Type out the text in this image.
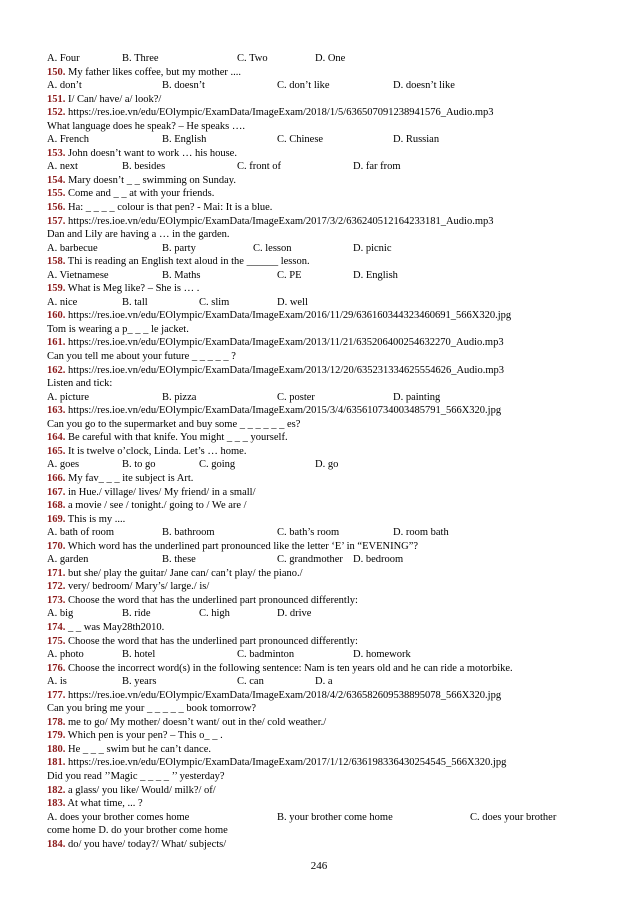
A. Four	B. Three	C. Two	D. One
150. My father likes coffee, but my mother ....
A. don’t	B. doesn’t	C. don’t like	D. doesn’t like
151. I/ Can/ have/ a/ look?/
152. https://res.ioe.vn/edu/EOlympic/ExamData/ImageExam/2018/1/5/636507091238941576_Audio.mp3
What language does he speak? – He speaks ….
A. French	B. English	C. Chinese	D. Russian
153. John doesn’t want to work … his house.
A. next	B. besides	C. front of	D. far from
154. Mary doesn’t _ _ swimming on Sunday.
155. Come and _ _ at with your friends.
156. Ha: _ _ _ _ colour is that pen? - Mai: It is a blue.
157. https://res.ioe.vn/edu/EOlympic/ExamData/ImageExam/2017/3/2/636240512164233181_Audio.mp3
Dan and Lily are having a … in the garden.
A. barbecue	B. party	C. lesson	D. picnic
158. Thi is reading an English text aloud in the ______ lesson.
A. Vietnamese	B. Maths	C. PE	D. English
159. What is Meg like? – She is … .
A. nice	B. tall	C. slim	D. well
160. https://res.ioe.vn/edu/EOlympic/ExamData/ImageExam/2016/11/29/636160344323460691_566X320.jpg
Tom is wearing a p_ _ _ le jacket.
161. https://res.ioe.vn/edu/EOlympic/ExamData/ImageExam/2013/11/21/635206400254632270_Audio.mp3
Can you tell me about your future _ _ _ _ _ ?
162. https://res.ioe.vn/edu/EOlympic/ExamData/ImageExam/2013/12/20/635231334625554626_Audio.mp3
Listen and tick:
A. picture	B. pizza	C. poster	D. painting
163. https://res.ioe.vn/edu/EOlympic/ExamData/ImageExam/2015/3/4/635610734003485791_566X320.jpg
Can you go to the supermarket and buy some _ _ _ _ _ _ es?
164. Be careful with that knife. You might _ _ _ yourself.
165. It is twelve o’clock, Linda. Let’s … home.
A. goes	B. to go	C. going	D. go
166. My fav_ _ _ ite subject is Art.
167. in Hue./ village/ lives/ My friend/ in a small/
168. a movie / see / tonight./ going to / We are /
169. This is my ....
A. bath of room	B. bathroom	C. bath’s room	D. room bath
170. Which word has the underlined part pronounced like the letter ‘E’ in “EVENING”?
A. garden	B. these	C. grandmother D. bedroom
171. but she/ play the guitar/ Jane can/ can’t play/ the piano./
172. very/ bedroom/ Mary’s/ large./ is/
173. Choose the word that has the underlined part pronounced differently:
A. big	B. ride	C. high	D. drive
174. _ _ was May28th2010.
175. Choose the word that has the underlined part pronounced differently:
A. photo	B. hotel	C. badminton	D. homework
176. Choose the incorrect word(s) in the following sentence: Nam is ten years old and he can ride a motorbike.
A. is	B. years	C. can	D. a
177. https://res.ioe.vn/edu/EOlympic/ExamData/ImageExam/2018/4/2/636582609538895078_566X320.jpg
Can you bring me your _ _ _ _ _ book tomorrow?
178. me to go/ My mother/ doesn’t want/ out in the/ cold weather./
179. Which pen is your pen? – This o_ _ .
180. He _ _ _ swim but he can’t dance.
181. https://res.ioe.vn/edu/EOlympic/ExamData/ImageExam/2017/1/12/636198336430254545_566X320.jpg
Did you read ’’Magic _ _ _ _ ’’ yesterday?
182. a glass/ you like/ Would/ milk?/ of/
183. At what time, ... ?
A. does your brother comes home	B. your brother come home	C. does your brother
come home D. do your brother come home
184. do/ you have/ today?/ What/ subjects/
246
